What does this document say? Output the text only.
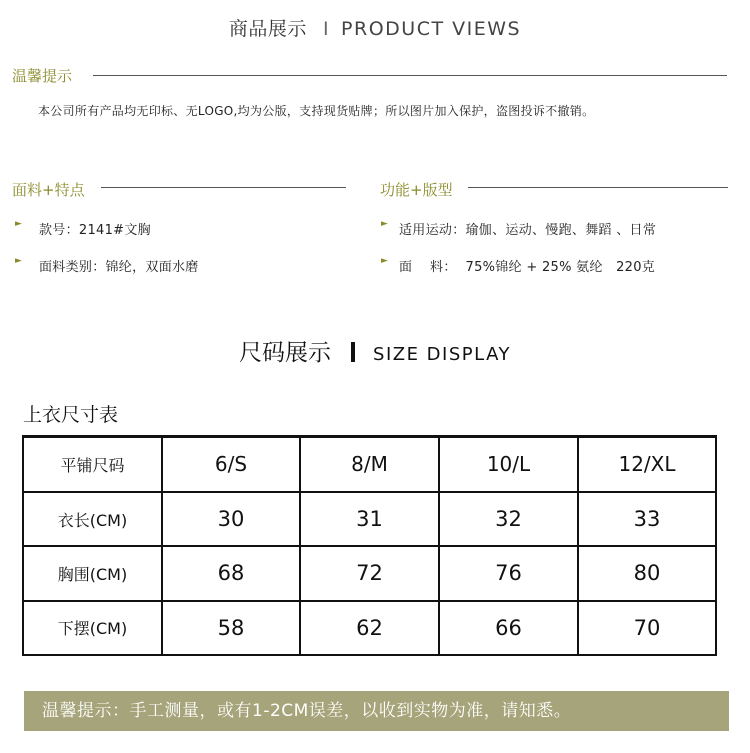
商品展示 I PRODUCT VIEWS
温馨提示
本公司所有产品均无印标、无LOGO,均为公版，支持现货贴牌；所以图片加入保护，盗图投诉不撤销。
面料+特点
► 款号：2141#文胸
► 面料类别：锦纶，双面水磨
功能+版型
► 适用运动：瑜伽、运动、慢跑、舞蹈 、日常
► 面    料：  75%锦纶 + 25% 氨纶   220克
尺码展示 SIZE DISPLAY
上衣尺寸表
平铺尺码	6/S	8/M	10/L	12/XL
衣长(CM)	30	31	32	33
胸围(CM)	68	72	76	80
下摆(CM)	58	62	66	70
温馨提示：手工测量，或有1-2CM误差，以收到实物为准，请知悉。
